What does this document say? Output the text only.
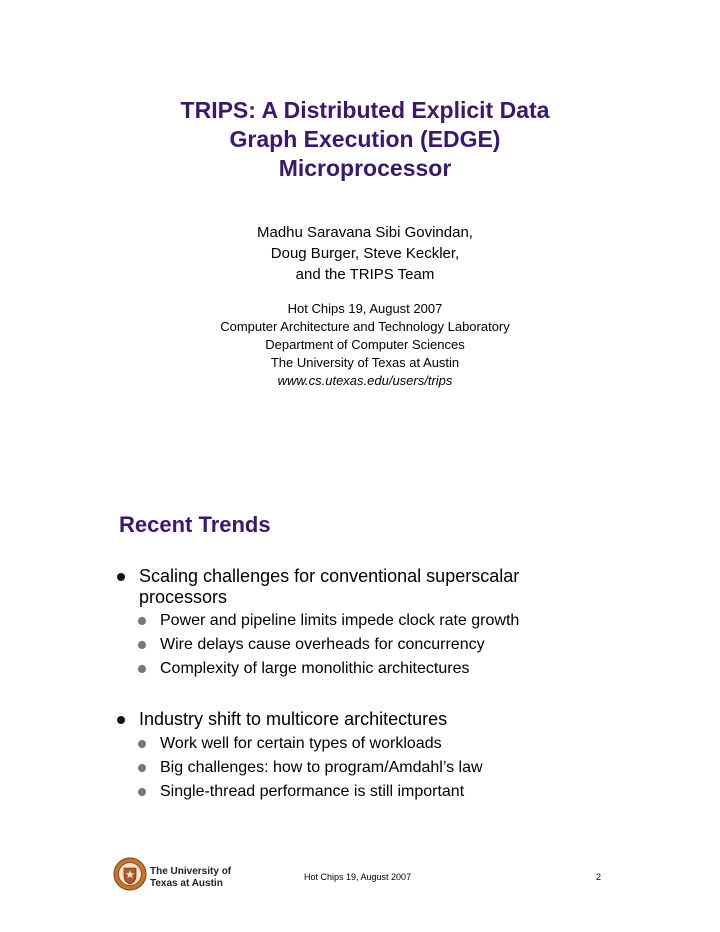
TRIPS: A Distributed Explicit Data
Graph Execution (EDGE)
Microprocessor
Madhu Saravana Sibi Govindan,
Doug Burger, Steve Keckler,
and the TRIPS Team
Hot Chips 19, August 2007
Computer Architecture and Technology Laboratory
Department of Computer Sciences
The University of Texas at Austin
www.cs.utexas.edu/users/trips
Recent Trends
Scaling challenges for conventional superscalar
processors
Power and pipeline limits impede clock rate growth
Wire delays cause overheads for concurrency
Complexity of large monolithic architectures
Industry shift to multicore architectures
Work well for certain types of workloads
Big challenges: how to program/Amdahl’s law
Single-thread performance is still important
The University of
Texas at Austin
Hot Chips 19, August 2007	2
